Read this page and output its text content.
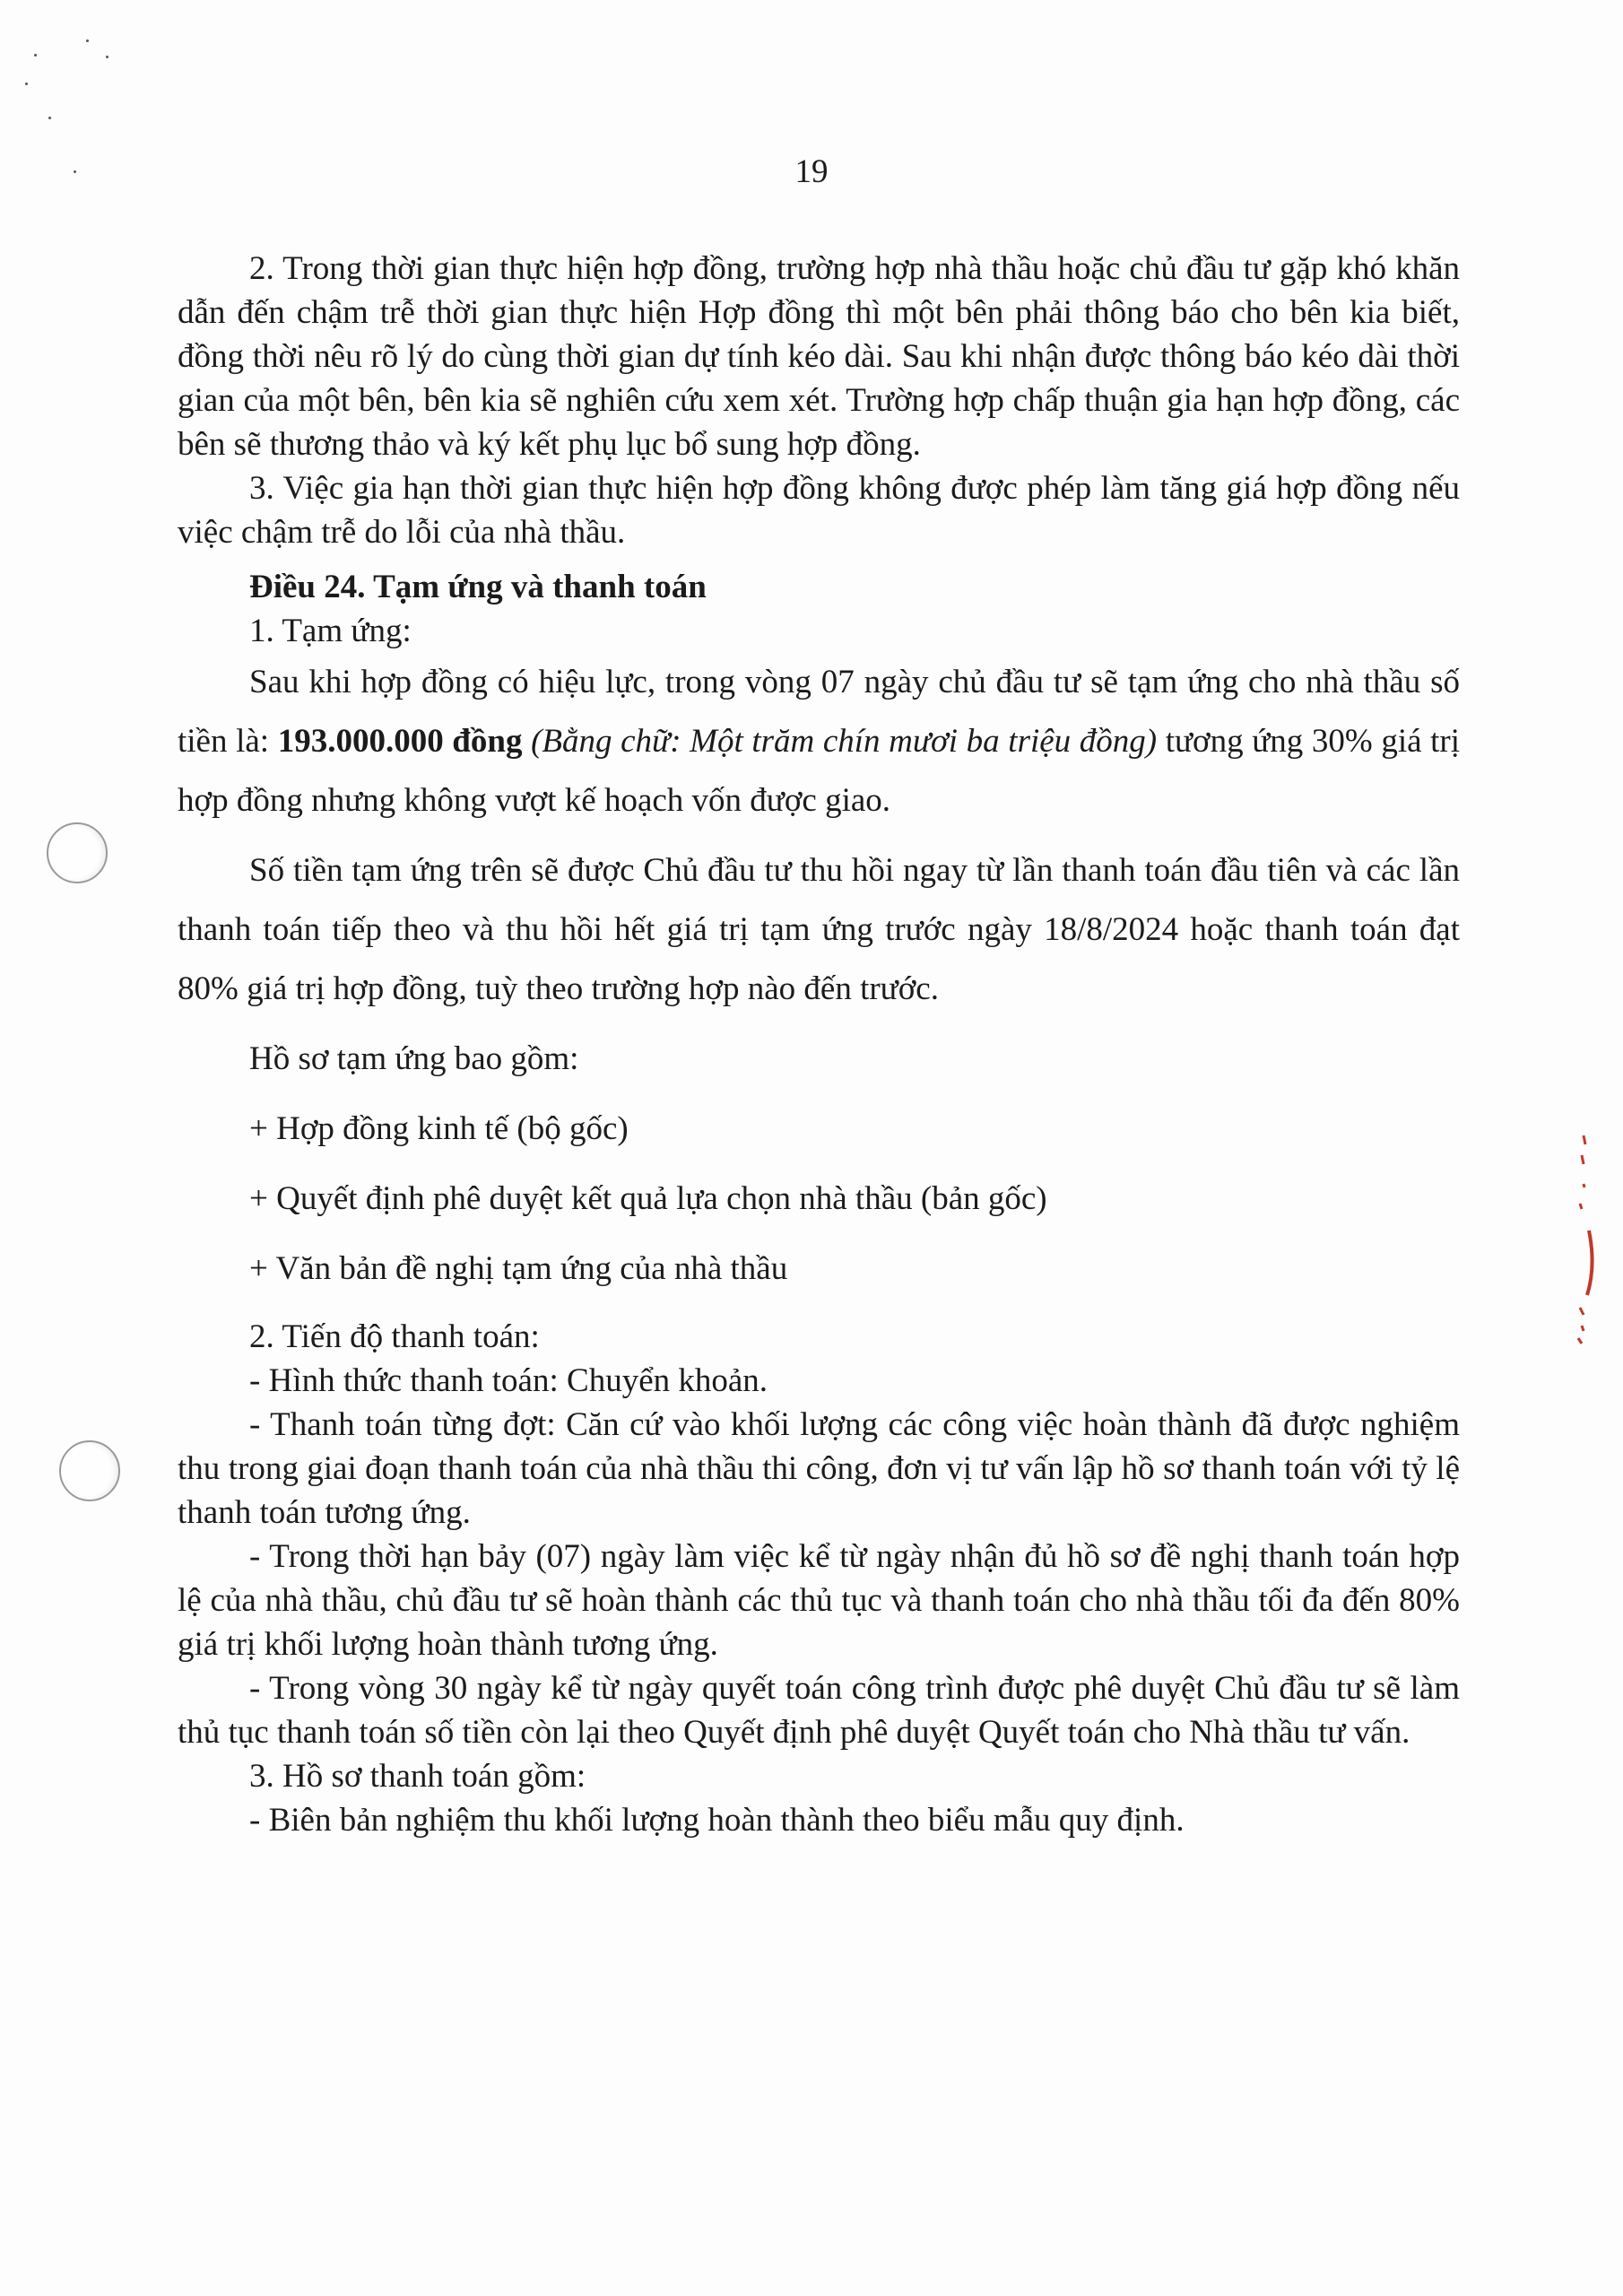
19

2. Trong thời gian thực hiện hợp đồng, trường hợp nhà thầu hoặc chủ đầu tư gặp khó khăn dẫn đến chậm trễ thời gian thực hiện Hợp đồng thì một bên phải thông báo cho bên kia biết, đồng thời nêu rõ lý do cùng thời gian dự tính kéo dài. Sau khi nhận được thông báo kéo dài thời gian của một bên, bên kia sẽ nghiên cứu xem xét. Trường hợp chấp thuận gia hạn hợp đồng, các bên sẽ thương thảo và ký kết phụ lục bổ sung hợp đồng.

3. Việc gia hạn thời gian thực hiện hợp đồng không được phép làm tăng giá hợp đồng nếu việc chậm trễ do lỗi của nhà thầu.

Điều 24. Tạm ứng và thanh toán

1. Tạm ứng:

Sau khi hợp đồng có hiệu lực, trong vòng 07 ngày chủ đầu tư sẽ tạm ứng cho nhà thầu số tiền là: 193.000.000 đồng (Bằng chữ: Một trăm chín mươi ba triệu đồng) tương ứng 30% giá trị hợp đồng nhưng không vượt kế hoạch vốn được giao.

Số tiền tạm ứng trên sẽ được Chủ đầu tư thu hồi ngay từ lần thanh toán đầu tiên và các lần thanh toán tiếp theo và thu hồi hết giá trị tạm ứng trước ngày 18/8/2024 hoặc thanh toán đạt 80% giá trị hợp đồng, tuỳ theo trường hợp nào đến trước.

Hồ sơ tạm ứng bao gồm:

+ Hợp đồng kinh tế (bộ gốc)

+ Quyết định phê duyệt kết quả lựa chọn nhà thầu (bản gốc)

+ Văn bản đề nghị tạm ứng của nhà thầu

2. Tiến độ thanh toán:

- Hình thức thanh toán: Chuyển khoản.

- Thanh toán từng đợt: Căn cứ vào khối lượng các công việc hoàn thành đã được nghiệm thu trong giai đoạn thanh toán của nhà thầu thi công, đơn vị tư vấn lập hồ sơ thanh toán với tỷ lệ thanh toán tương ứng.

- Trong thời hạn bảy (07) ngày làm việc kể từ ngày nhận đủ hồ sơ đề nghị thanh toán hợp lệ của nhà thầu, chủ đầu tư sẽ hoàn thành các thủ tục và thanh toán cho nhà thầu tối đa đến 80% giá trị khối lượng hoàn thành tương ứng.

- Trong vòng 30 ngày kể từ ngày quyết toán công trình được phê duyệt Chủ đầu tư sẽ làm thủ tục thanh toán số tiền còn lại theo Quyết định phê duyệt Quyết toán cho Nhà thầu tư vấn.

3. Hồ sơ thanh toán gồm:

- Biên bản nghiệm thu khối lượng hoàn thành theo biểu mẫu quy định.
